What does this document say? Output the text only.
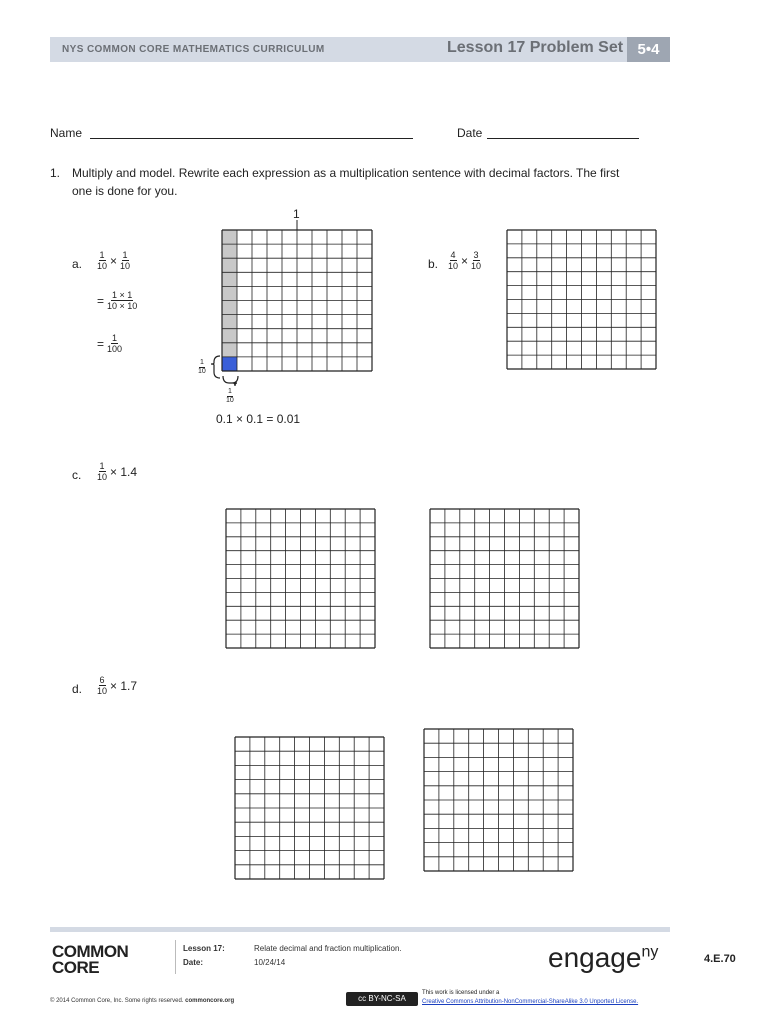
NYS COMMON CORE MATHEMATICS CURRICULUM	Lesson 17 Problem Set 5•4
Name	Date
1. Multiply and model. Rewrite each expression as a multiplication sentence with decimal factors. The first
one is done for you.
a. $\frac{1}{10} \times \frac{1}{10}$
= $\frac{1 \times 1}{10 \times 10}$
= $\frac{1}{100}$
1
$\frac{1}{10}$
$\frac{1}{10}$
0.1 × 0.1 = 0.01
b. $\frac{4}{10} \times \frac{3}{10}$
c. $\frac{1}{10} \times 1.4$
d. $\frac{6}{10} \times 1.7$
COMMON
CORE
Lesson 17:	Relate decimal and fraction multiplication.
Date:	10/24/14	engage$^{ny}$	4.E.70
© 2014 Common Core, Inc. Some rights reserved. commoncore.org	cc BY-NC-SA
This work is licensed under a
Creative Commons Attribution-NonCommercial-ShareAlike 3.0 Unported License.
